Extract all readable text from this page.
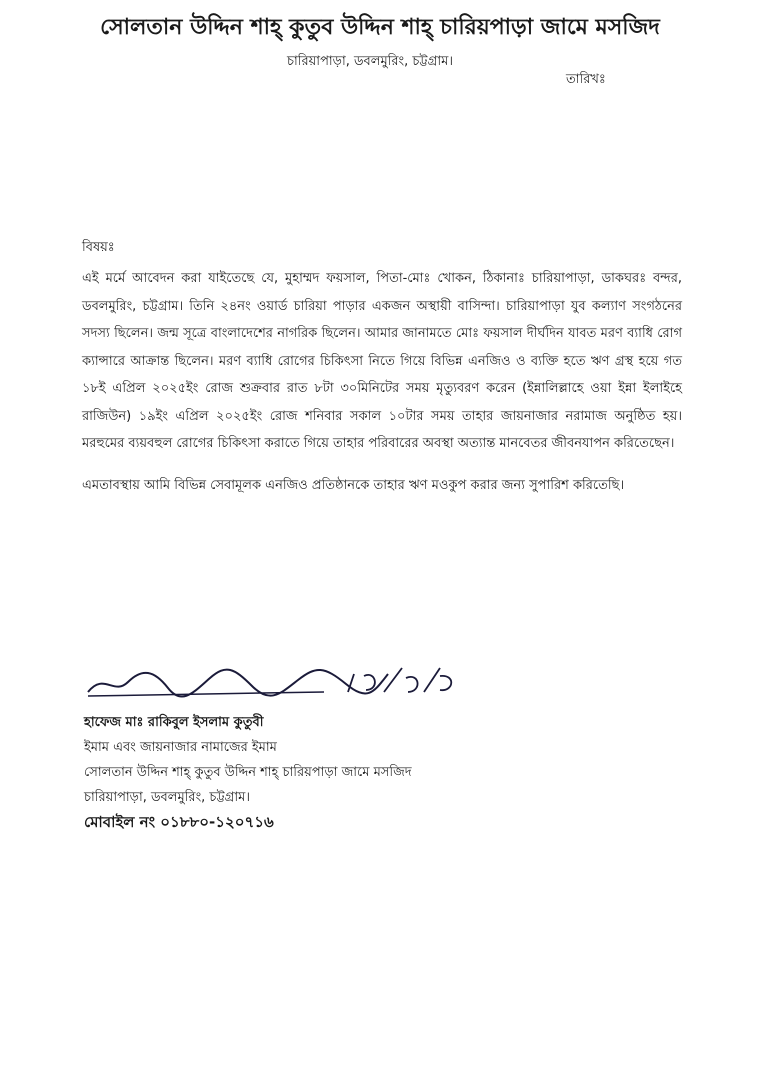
সোলতান উদ্দিন শাহ্‌ কুতুব উদ্দিন শাহ্‌ চারিয়পাড়া জামে মসজিদ
চারিয়াপাড়া, ডবলমুরিং, চট্টগ্রাম।
তারিখঃ
বিষয়ঃ

এই মর্মে আবেদন করা যাইতেছে যে, মুহাম্মদ ফয়সাল, পিতা-মোঃ খোকন, ঠিকানাঃ চারিয়াপাড়া, ডাকঘরঃ বন্দর, ডবলমুরিং, চট্টগ্রাম। তিনি ২৪নং ওয়ার্ড চারিয়া পাড়ার একজন অস্থায়ী বাসিন্দা। চারিয়াপাড়া যুব কল্যাণ সংগঠনের সদস্য ছিলেন। জন্ম সূত্রে বাংলাদেশের নাগরিক ছিলেন। আমার জানামতে মোঃ ফয়সাল দীর্ঘদিন যাবত মরণ ব্যাধি রোগ ক্যান্সারে আক্রান্ত ছিলেন। মরণ ব্যাধি রোগের চিকিৎসা নিতে গিয়ে বিভিন্ন এনজিও ও ব্যক্তি হতে ঋণ গ্রস্থ হয়ে গত ১৮ই এপ্রিল ২০২৫ইং রোজ শুক্রবার রাত ৮টা ৩০মিনিটের সময় মৃত্যুবরণ করেন (ইন্নালিল্লাহে ওয়া ইন্না ইলাইহে রাজিউন) ১৯ইং এপ্রিল ২০২৫ইং রোজ শনিবার সকাল ১০টার সময় তাহার জায়নাজার নরামাজ অনুষ্ঠিত হয়। মরহুমের ব্যয়বহুল রোগের চিকিৎসা করাতে গিয়ে তাহার পরিবারের অবস্থা অত্যান্ত মানবেতর জীবনযাপন করিতেছেন।

এমতাবস্থায় আমি বিভিন্ন সেবামূলক এনজিও প্রতিষ্ঠানকে তাহার ঋণ মওকুপ করার জন্য সুপারিশ করিতেছি।

হাফেজ মাঃ রাকিবুল ইসলাম কুতুবী
ইমাম এবং জায়নাজার নামাজের ইমাম
সোলতান উদ্দিন শাহ্‌ কুতুব উদ্দিন শাহ্‌ চারিয়পাড়া জামে মসজিদ
চারিয়াপাড়া, ডবলমুরিং, চট্টগ্রাম।
মোবাইল নং ০১৮৮০-১২০৭১৬
